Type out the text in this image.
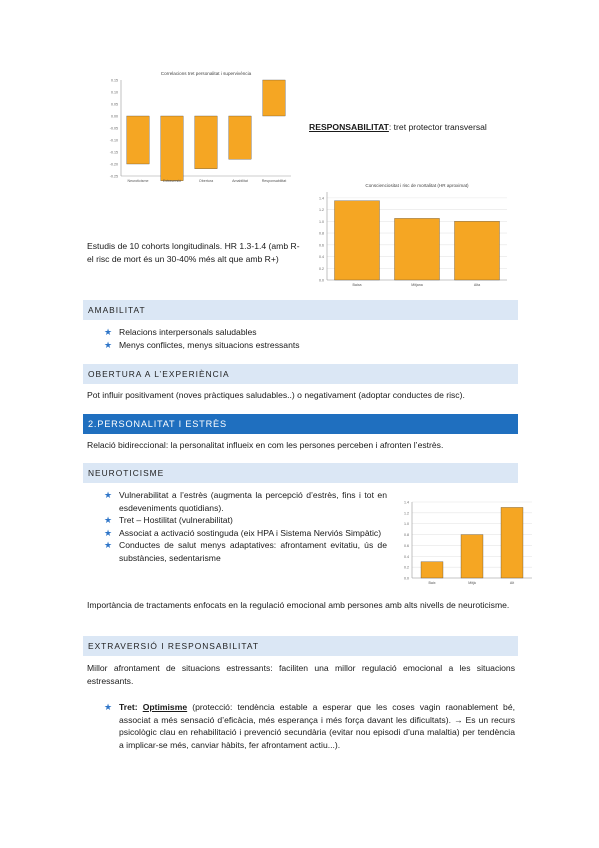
Correlacions tret personalitat i supervivència
-0.25
-0.20
-0.15
-0.10
-0.05
0.00
0.05
0.10
0.15
Neuroticisme	Extraversió	Obertura	Amabilitat	Responsabilitat
RESPONSABILITAT: tret protector transversal
Conscienciositat i risc de mortalitat (HR aproximat)
0.0
0.2
0.4
0.6
0.8
1.0
1.2
1.4
Baixa	Mitjana	Alta
Estudis de 10 cohorts longitudinals. HR 1.3-1.4 (amb R- el risc de mort és un 30-40% més alt que amb R+)
AMABILITAT
★ Relacions interpersonals saludables
★ Menys conflictes, menys situacions estressants
OBERTURA A L’EXPERIÈNCIA
Pot influir positivament (noves pràctiques saludables..) o negativament (adoptar conductes de risc).
2.PERSONALITAT I ESTRÈS
Relació bidireccional: la personalitat influeix en com les persones perceben i afronten l’estrès.
NEUROTICISME
★ Vulnerabilitat a l’estrès (augmenta la percepció d’estrès, fins i tot en esdeveniments quotidians).
★ Tret – Hostilitat (vulnerabilitat)
★ Associat a activació sostinguda (eix HPA i Sistema Nerviós Simpàtic)
★ Conductes de salut menys adaptatives: afrontament evitatiu, ús de substàncies, sedentarisme
0.0
0.2
0.4
0.6
0.8
1.0
1.2
1.4
Baix	Mitjà	Alt
Importància de tractaments enfocats en la regulació emocional amb persones amb alts nivells de neuroticisme.
EXTRAVERSIÓ I RESPONSABILITAT
Millor afrontament de situacions estressants: faciliten una millor regulació emocional a les situacions estressants.
★ Tret: Optimisme (protecció: tendència estable a esperar que les coses vagin raonablement bé, associat a més sensació d’eficàcia, més esperança i més força davant les dificultats). → Es un recurs psicològic clau en rehabilitació i prevenció secundària (evitar nou episodi d’una malaltia) per tendència a implicar-se més, canviar hàbits, fer afrontament actiu...).
